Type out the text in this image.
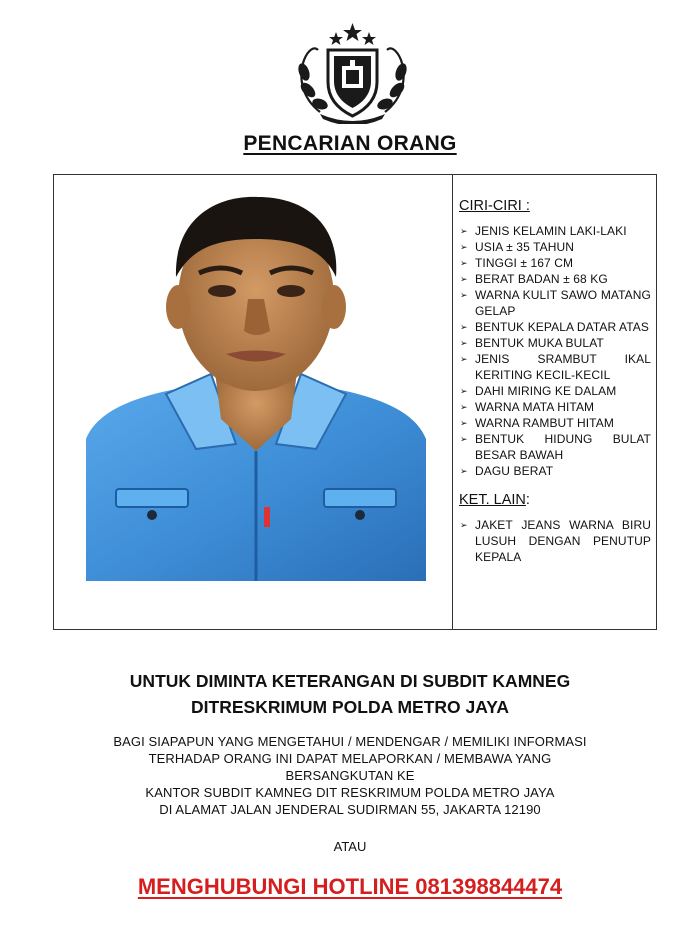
PENCARIAN ORANG
CIRI-CIRI :
➢ JENIS KELAMIN LAKI-LAKI
➢ USIA ± 35 TAHUN
➢ TINGGI ± 167 CM
➢ BERAT BADAN ± 68 KG
➢ WARNA KULIT SAWO MATANG GELAP
➢ BENTUK KEPALA DATAR ATAS
➢ BENTUK MUKA BULAT
➢ JENIS SRAMBUT IKAL KERITING KECIL-KECIL
➢ DAHI MIRING KE DALAM
➢ WARNA MATA HITAM
➢ WARNA RAMBUT HITAM
➢ BENTUK HIDUNG BULAT BESAR BAWAH
➢ DAGU BERAT
KET. LAIN:
➢ JAKET JEANS WARNA BIRU LUSUH DENGAN PENUTUP KEPALA
UNTUK DIMINTA KETERANGAN DI SUBDIT KAMNEG
DITRESKRIMUM POLDA METRO JAYA
BAGI SIAPAPUN YANG MENGETAHUI / MENDENGAR / MEMILIKI INFORMASI
TERHADAP ORANG INI DAPAT MELAPORKAN / MEMBAWA YANG
BERSANGKUTAN KE
KANTOR SUBDIT KAMNEG DIT RESKRIMUM POLDA METRO JAYA
DI ALAMAT JALAN JENDERAL SUDIRMAN 55, JAKARTA 12190
ATAU
MENGHUBUNGI HOTLINE 081398844474
